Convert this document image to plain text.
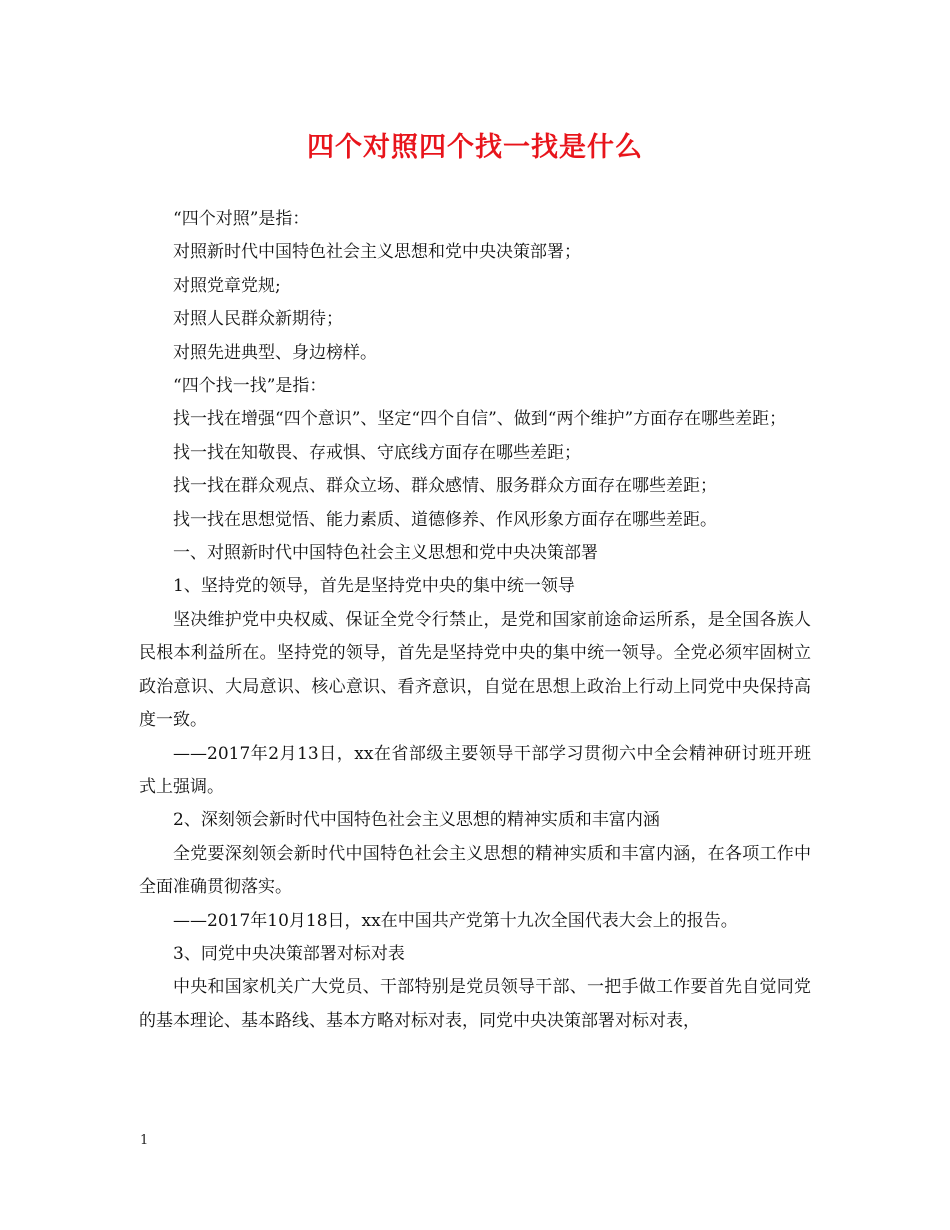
四个对照四个找一找是什么

“四个对照”是指：

对照新时代中国特色社会主义思想和党中央决策部署；

对照党章党规;

对照人民群众新期待；

对照先进典型、身边榜样。

“四个找一找”是指：

找一找在增强“四个意识”、坚定“四个自信”、做到“两个维护”方面存在哪些差距；

找一找在知敬畏、存戒惧、守底线方面存在哪些差距；

找一找在群众观点、群众立场、群众感情、服务群众方面存在哪些差距；

找一找在思想觉悟、能力素质、道德修养、作风形象方面存在哪些差距。

一、对照新时代中国特色社会主义思想和党中央决策部署

1、坚持党的领导，首先是坚持党中央的集中统一领导

坚决维护党中央权威、保证全党令行禁止，是党和国家前途命运所系，是全国各族人民根本利益所在。坚持党的领导，首先是坚持党中央的集中统一领导。全党必须牢固树立政治意识、大局意识、核心意识、看齐意识，自觉在思想上政治上行动上同党中央保持高度一致。

——2017年2月13日，xx在省部级主要领导干部学习贯彻六中全会精神研讨班开班式上强调。

2、深刻领会新时代中国特色社会主义思想的精神实质和丰富内涵

全党要深刻领会新时代中国特色社会主义思想的精神实质和丰富内涵，在各项工作中全面准确贯彻落实。

——2017年10月18日，xx在中国共产党第十九次全国代表大会上的报告。

3、同党中央决策部署对标对表

中央和国家机关广大党员、干部特别是党员领导干部、一把手做工作要首先自觉同党的基本理论、基本路线、基本方略对标对表，同党中央决策部署对标对表，

1
